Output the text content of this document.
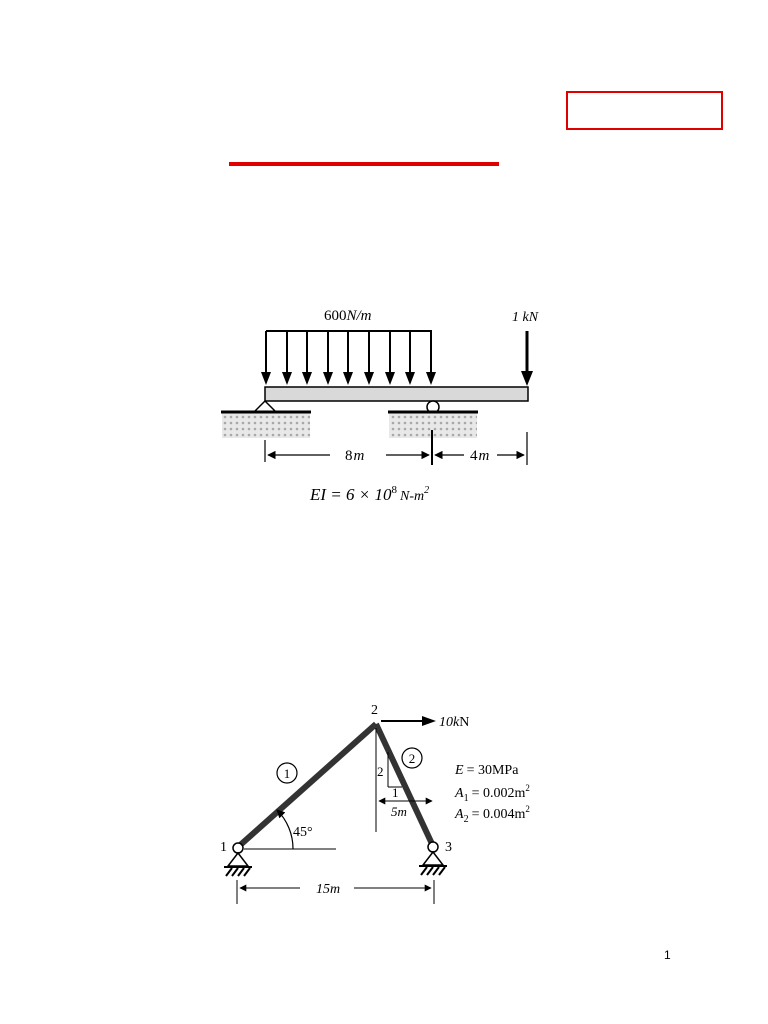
600N/m	1 kN
8m	4m
EI = $6 \times 10^8$ $_{N-m}^2$
2
1	3
1
2
10kN
2
1
5m
45°
15m
E = 30MPa
$A_1 = 0.002m^2$
$A_2 = 0.004m^2$
1
